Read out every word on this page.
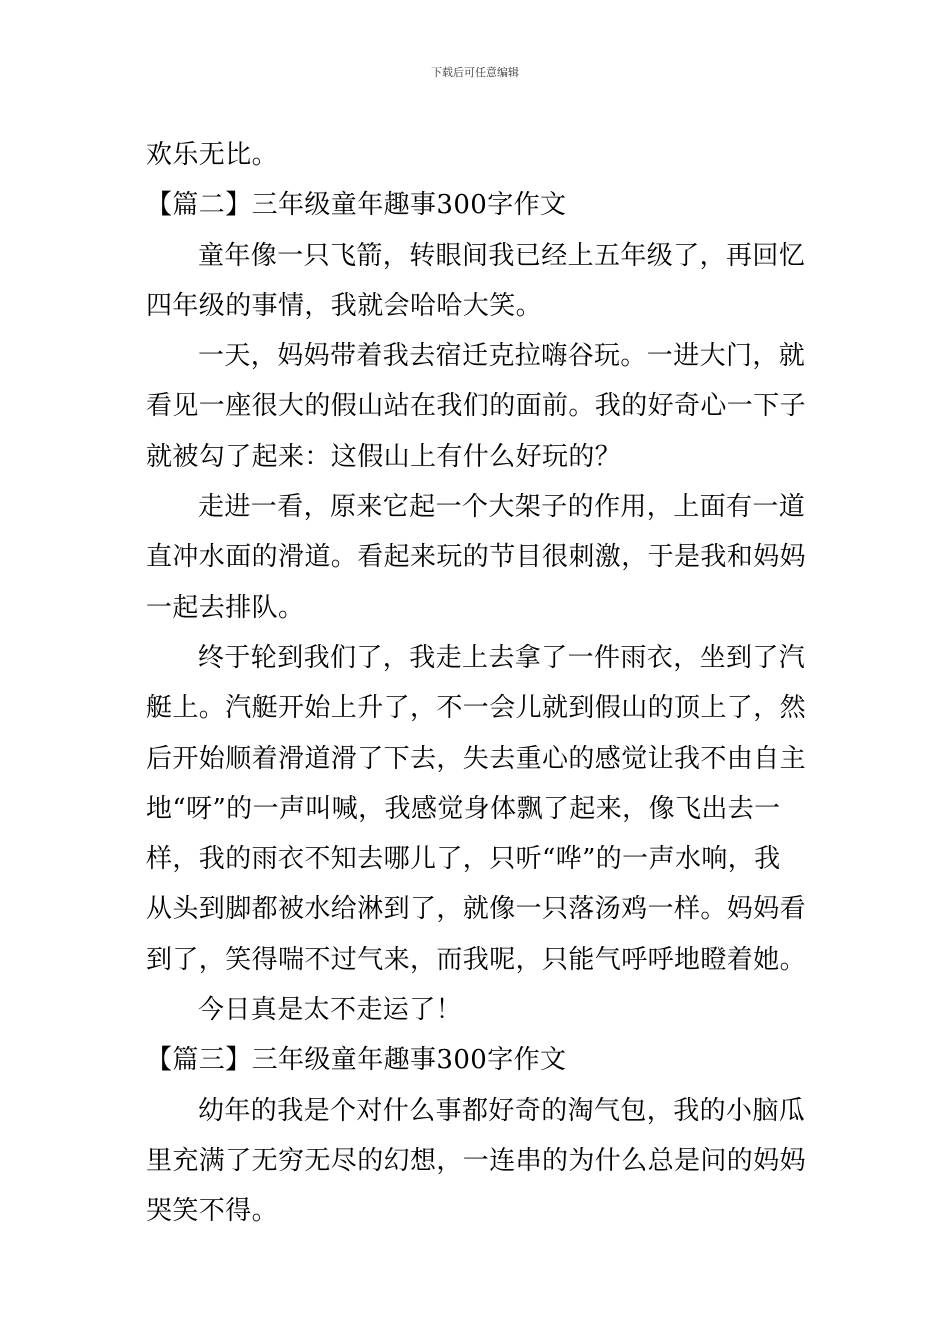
下载后可任意编辑
欢乐无比。
【篇二】三年级童年趣事300字作文
童年像一只飞箭，转眼间我已经上五年级了，再回忆
四年级的事情，我就会哈哈大笑。
一天，妈妈带着我去宿迁克拉嗨谷玩。一进大门，就
看见一座很大的假山站在我们的面前。我的好奇心一下子
就被勾了起来：这假山上有什么好玩的？
走进一看，原来它起一个大架子的作用，上面有一道
直冲水面的滑道。看起来玩的节目很刺激，于是我和妈妈
一起去排队。
终于轮到我们了，我走上去拿了一件雨衣，坐到了汽
艇上。汽艇开始上升了，不一会儿就到假山的顶上了，然
后开始顺着滑道滑了下去，失去重心的感觉让我不由自主
地“呀”的一声叫喊，我感觉身体飘了起来，像飞出去一
样，我的雨衣不知去哪儿了，只听“哗”的一声水响，我
从头到脚都被水给淋到了，就像一只落汤鸡一样。妈妈看
到了，笑得喘不过气来，而我呢，只能气呼呼地瞪着她。
今日真是太不走运了！
【篇三】三年级童年趣事300字作文
幼年的我是个对什么事都好奇的淘气包，我的小脑瓜
里充满了无穷无尽的幻想，一连串的为什么总是问的妈妈
哭笑不得。
